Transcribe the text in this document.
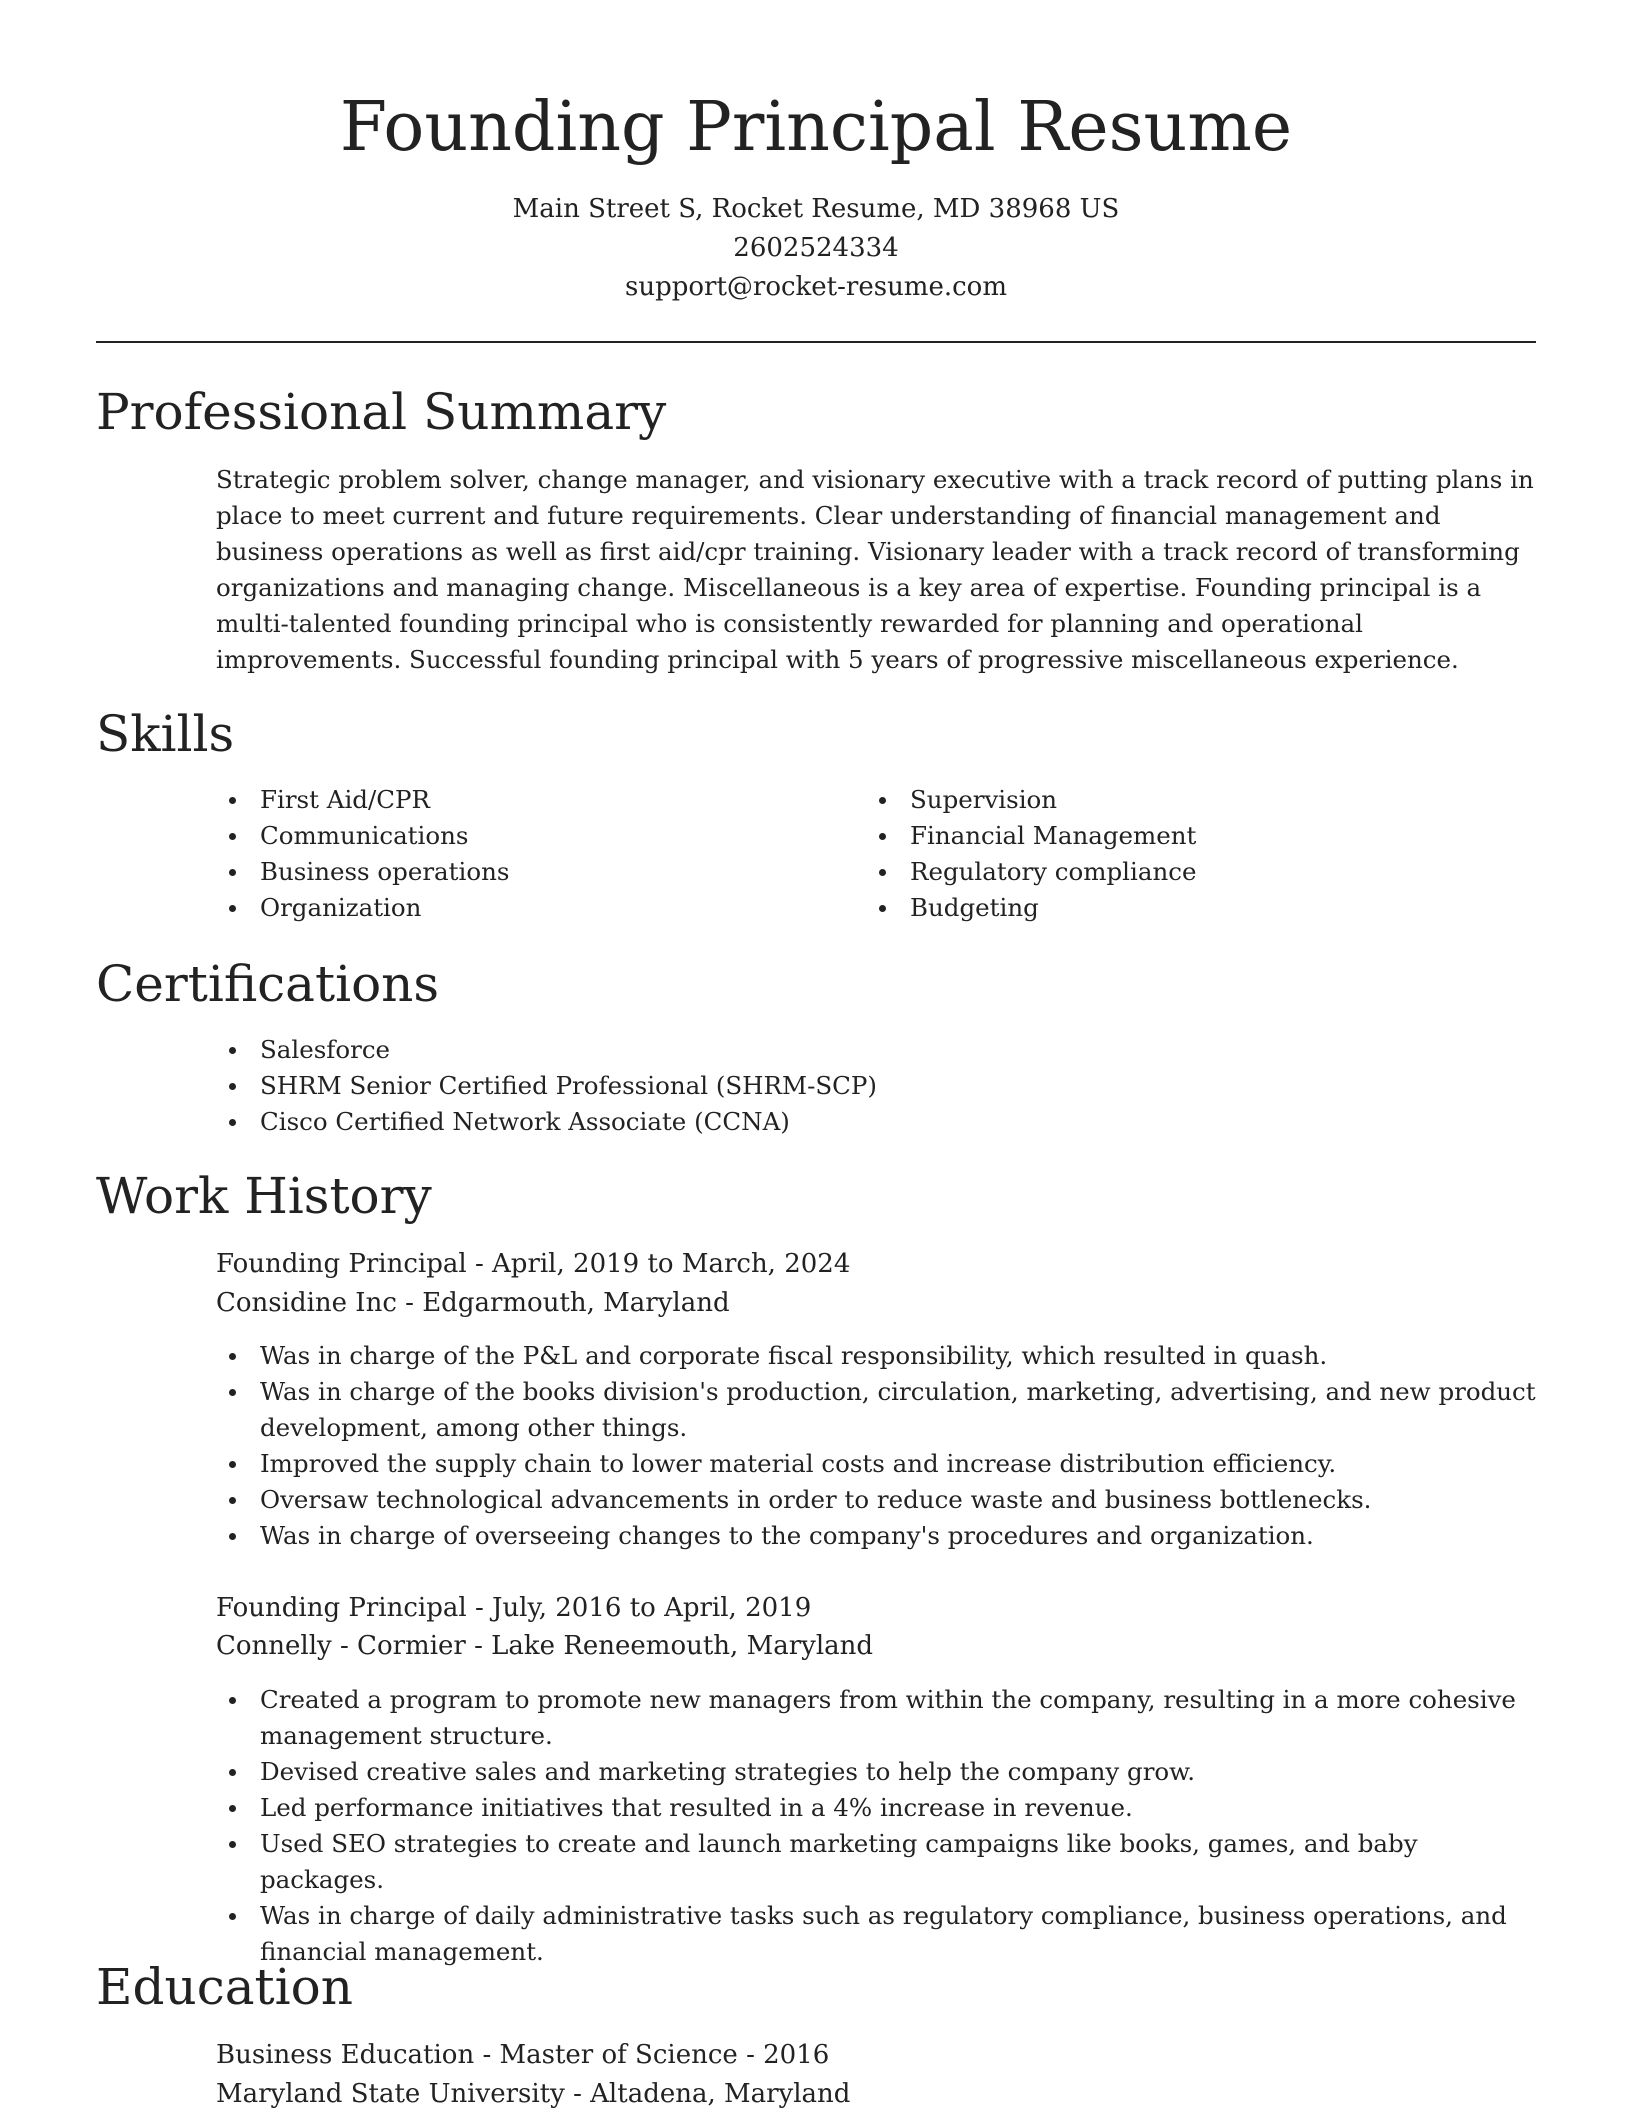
Founding Principal Resume
Main Street S, Rocket Resume, MD 38968 US
2602524334
support@rocket-resume.com
Professional Summary
Strategic problem solver, change manager, and visionary executive with a track record of putting plans in place to meet current and future requirements. Clear understanding of financial management and business operations as well as first aid/cpr training. Visionary leader with a track record of transforming organizations and managing change. Miscellaneous is a key area of expertise. Founding principal is a multi-talented founding principal who is consistently rewarded for planning and operational improvements. Successful founding principal with 5 years of progressive miscellaneous experience.
Skills
First Aid/CPR
Communications
Business operations
Organization
Supervision
Financial Management
Regulatory compliance
Budgeting
Certifications
Salesforce
SHRM Senior Certified Professional (SHRM-SCP)
Cisco Certified Network Associate (CCNA)
Work History
Founding Principal - April, 2019 to March, 2024
Considine Inc - Edgarmouth, Maryland
Was in charge of the P&L and corporate fiscal responsibility, which resulted in quash.
Was in charge of the books division's production, circulation, marketing, advertising, and new product development, among other things.
Improved the supply chain to lower material costs and increase distribution efficiency.
Oversaw technological advancements in order to reduce waste and business bottlenecks.
Was in charge of overseeing changes to the company's procedures and organization.
Founding Principal - July, 2016 to April, 2019
Connelly - Cormier - Lake Reneemouth, Maryland
Created a program to promote new managers from within the company, resulting in a more cohesive management structure.
Devised creative sales and marketing strategies to help the company grow.
Led performance initiatives that resulted in a 4% increase in revenue.
Used SEO strategies to create and launch marketing campaigns like books, games, and baby packages.
Was in charge of daily administrative tasks such as regulatory compliance, business operations, and financial management.
Education
Business Education - Master of Science - 2016
Maryland State University - Altadena, Maryland
